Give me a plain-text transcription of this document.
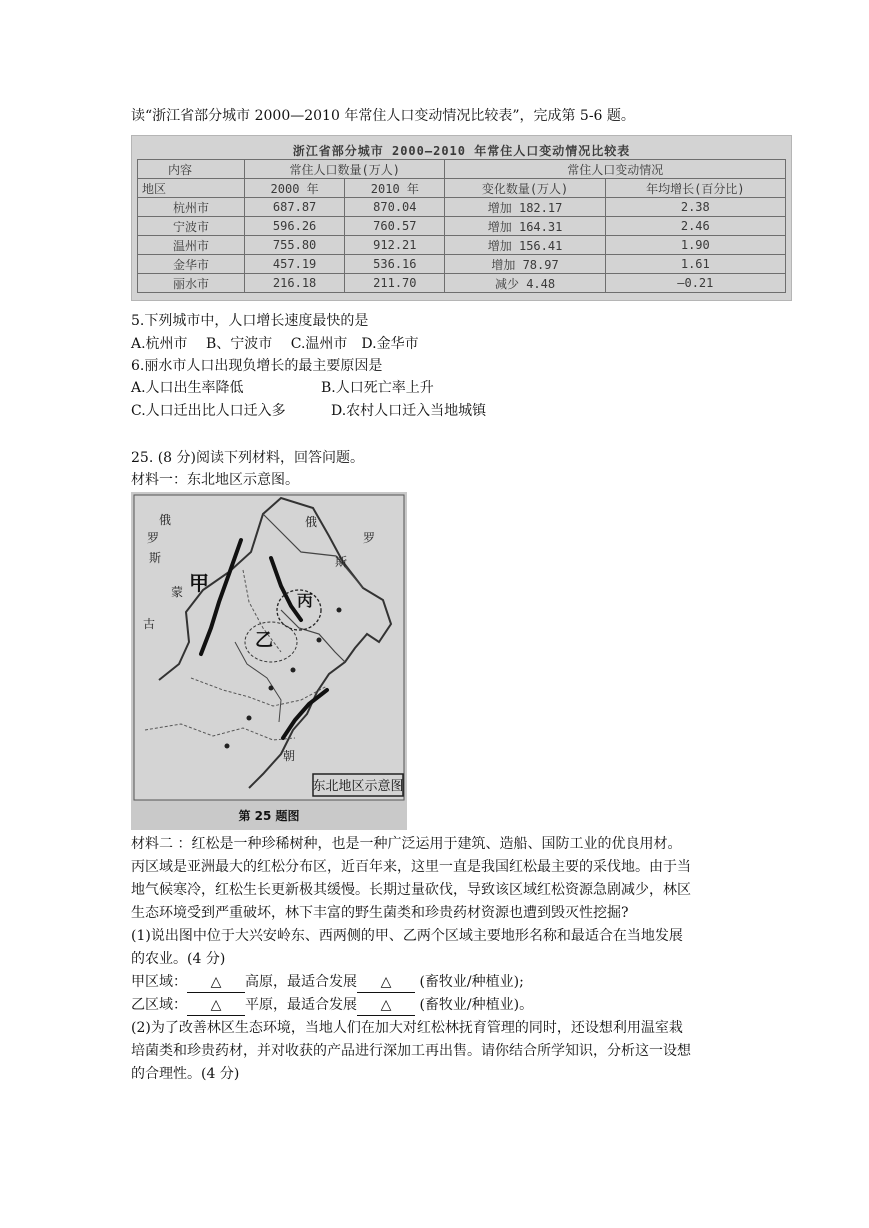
读“浙江省部分城市 2000—2010 年常住人口变动情况比较表”，完成第 5-6 题。
浙江省部分城市 2000—2010 年常住人口变动情况比较表				
内容	常住人口数量(万人)		常住人口变动情况	
地区	2000 年	2010 年	变化数量(万人)	年均增长(百分比)
杭州市	687.87	870.04	增加 182.17	2.38
宁波市	596.26	760.57	增加 164.31	2.46
温州市	755.80	912.21	增加 156.41	1.90
金华市	457.19	536.16	增加 78.97	1.61
丽水市	216.18	211.70	减少 4.48	—0.21
5.下列城市中，人口增长速度最快的是
A.杭州市　 B、宁波市　 C.温州市　D.金华市
6.丽水市人口出现负增长的最主要原因是
A.人口出生率降低	B.人口死亡率上升
C.人口迁出比人口迁入多	D.农村人口迁入当地城镇
25. (8 分)阅读下列材料，回答问题。
材料一：东北地区示意图。
俄
罗
斯
俄
罗
斯
蒙
古
甲
乙
丙
朝
东北地区示意图
第 25 题图
材料二 ：红松是一种珍稀树种，也是一种广泛运用于建筑、造船、国防工业的优良用材。
丙区域是亚洲最大的红松分布区，近百年来，这里一直是我国红松最主要的采伐地。由于当
地气候寒冷，红松生长更新极其缓慢。长期过量砍伐，导致该区域红松资源急剧减少，林区
生态环境受到严重破坏，林下丰富的野生菌类和珍贵药材资源也遭到毁灭性挖掘?
(1)说出图中位于大兴安岭东、西两侧的甲、乙两个区域主要地形名称和最适合在当地发展
的农业。(4 分)
甲区域： △ 高原，最适合发展 △ (畜牧业/种植业);
乙区域： △ 平原，最适合发展 △ (畜牧业/种植业)。
(2)为了改善林区生态环境，当地人们在加大对红松林抚育管理的同时，还设想利用温室栽
培菌类和珍贵药材，并对收获的产品进行深加工再出售。请你结合所学知识，分析这一设想
的合理性。(4 分)
